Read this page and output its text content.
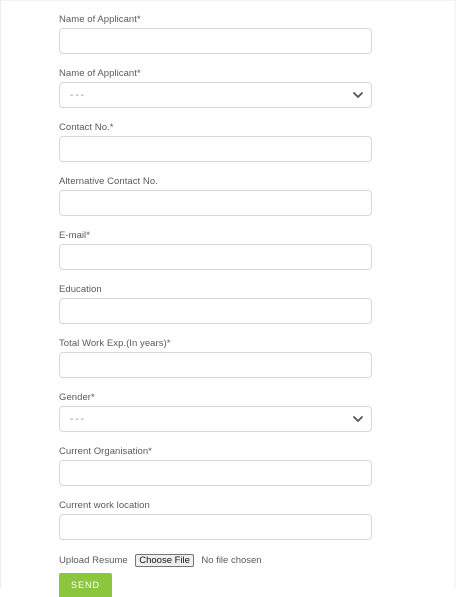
Name of Applicant*
Name of Applicant*
---
Contact No.*
Alternative Contact No.
E-mail*
Education
Total Work Exp.(In years)*
Gender*
---
Current Organisation*
Current work location
Upload Resume Choose File No file chosen
SEND
